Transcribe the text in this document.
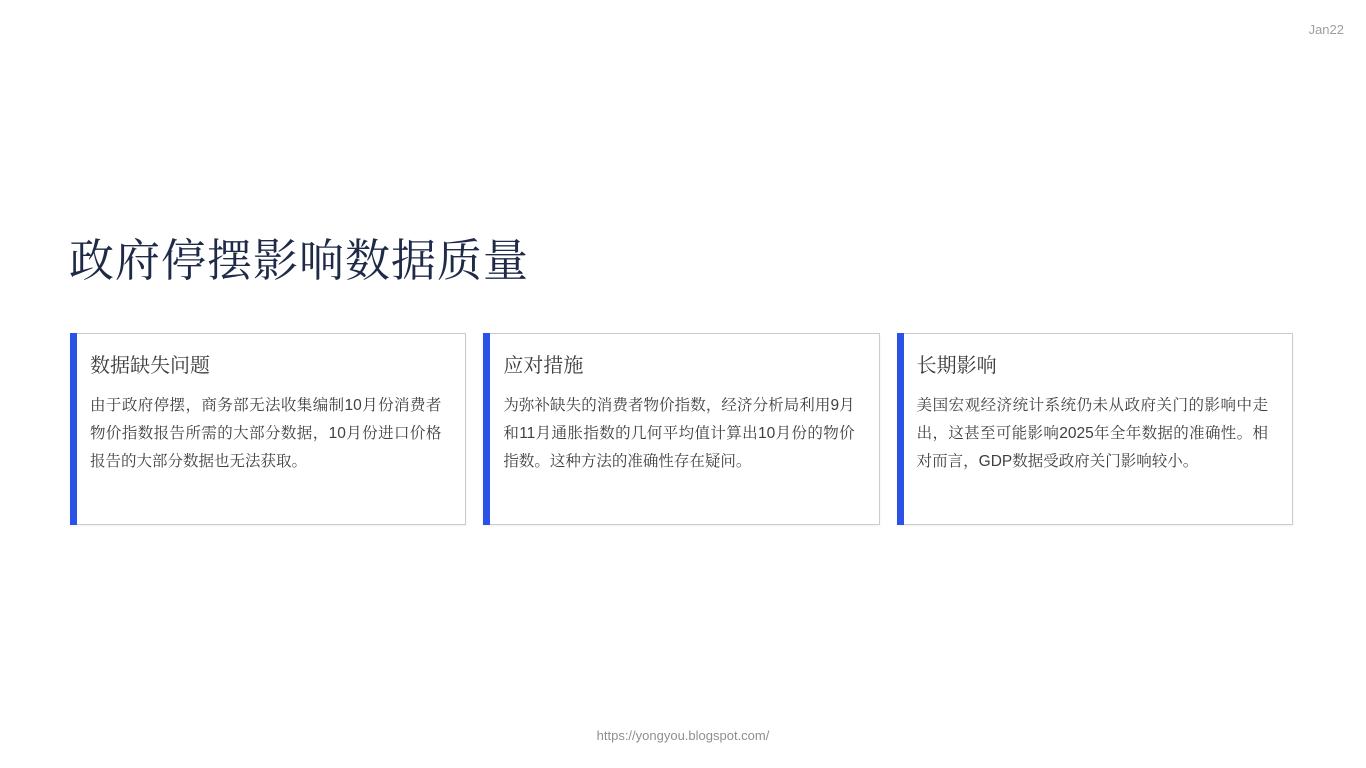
Jan22
政府停摆影响数据质量
数据缺失问题

由于政府停摆，商务部无法收集编制10月份消费者物价指数报告所需的大部分数据，10月份进口价格报告的大部分数据也无法获取。

应对措施

为弥补缺失的消费者物价指数，经济分析局利用9月和11月通胀指数的几何平均值计算出10月份的物价指数。这种方法的准确性存在疑问。

长期影响

美国宏观经济统计系统仍未从政府关门的影响中走出，这甚至可能影响2025年全年数据的准确性。相对而言，GDP数据受政府关门影响较小。

https://yongyou.blogspot.com/
